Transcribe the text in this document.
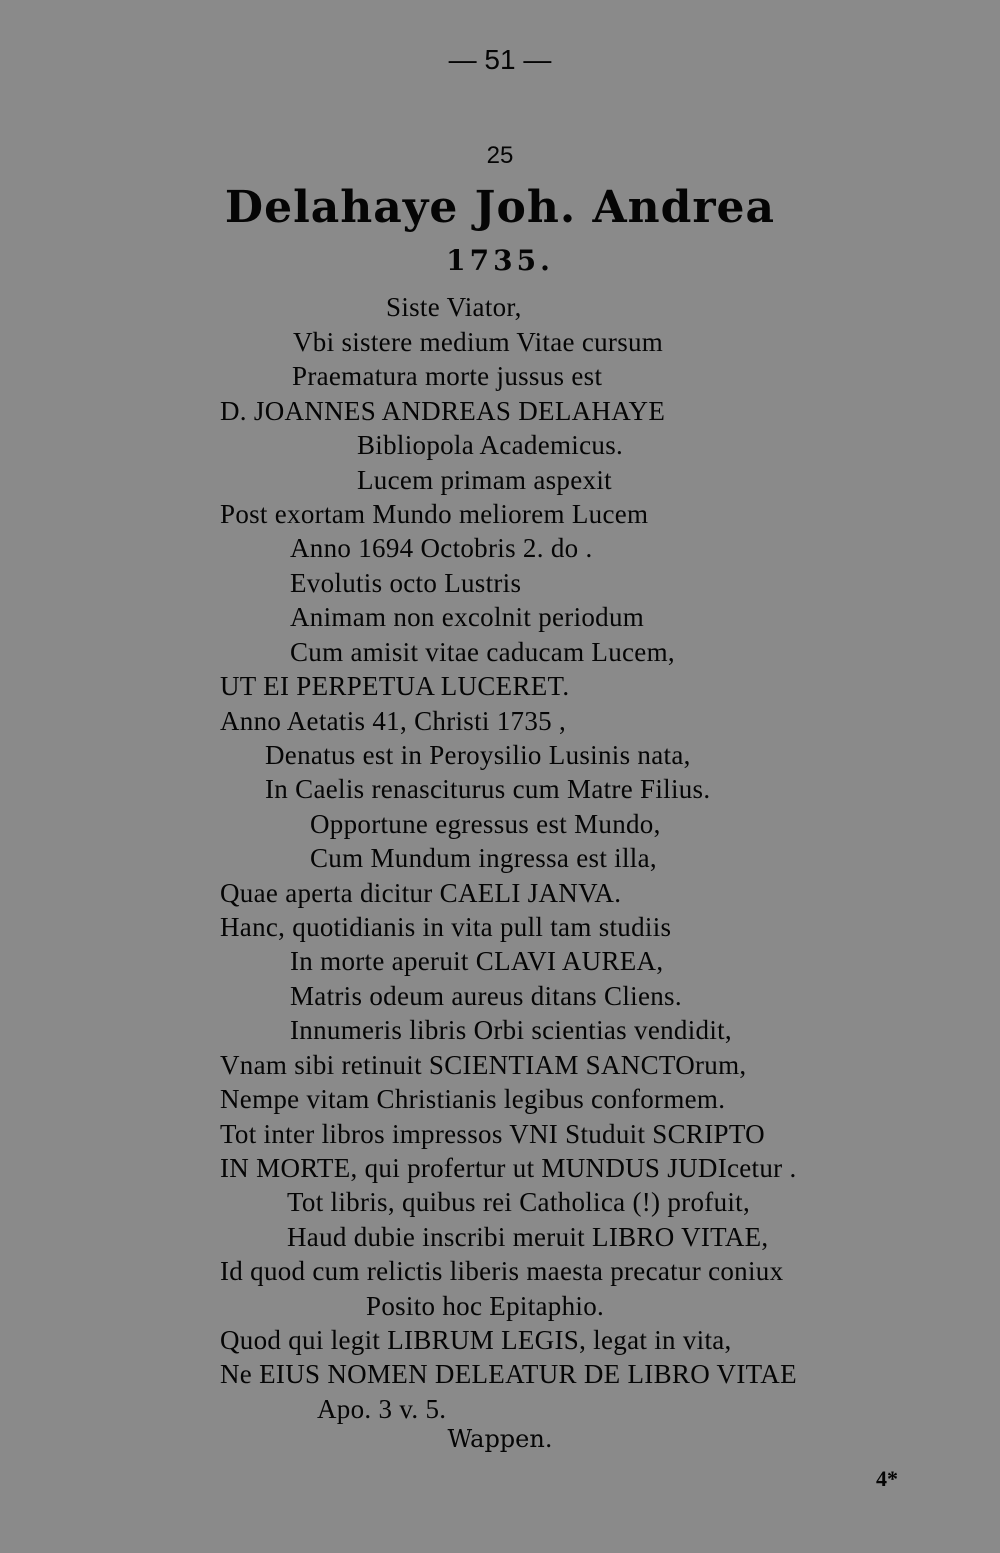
— 51 —
25
Delahaye Joh. Andrea
1735.
Siste Viator,
Vbi sistere medium Vitae cursum
Praematura morte jussus est
D. JOANNES ANDREAS DELAHAYE
Bibliopola Academicus.
Lucem primam aspexit
Post exortam Mundo meliorem Lucem
Anno 1694 Octobris 2. do .
Evolutis octo Lustris
Animam non excolnit periodum
Cum amisit vitae caducam Lucem,
UT EI PERPETUA LUCERET.
Anno Aetatis 41, Christi 1735 ,
Denatus est in Peroysilio Lusinis nata,
In Caelis renasciturus cum Matre Filius.
Opportune egressus est Mundo,
Cum Mundum ingressa est illa,
Quae aperta dicitur CAELI JANVA.
Hanc, quotidianis in vita pull tam studiis
In morte aperuit CLAVI AUREA,
Matris odeum aureus ditans Cliens.
Innumeris libris Orbi scientias vendidit,
Vnam sibi retinuit SCIENTIAM SANCTOrum,
Nempe vitam Christianis legibus conformem.
Tot inter libros impressos VNI Studuit SCRIPTO
IN MORTE, qui profertur ut MUNDUS JUDIcetur .
Tot libris, quibus rei Catholica (!) profuit,
Haud dubie inscribi meruit LIBRO VITAE,
Id quod cum relictis liberis maesta precatur coniux
Posito hoc Epitaphio.
Quod qui legit LIBRUM LEGIS, legat in vita,
Ne EIUS NOMEN DELEATUR DE LIBRO VITAE
Apo. 3 v. 5.
Wappen.
4*
